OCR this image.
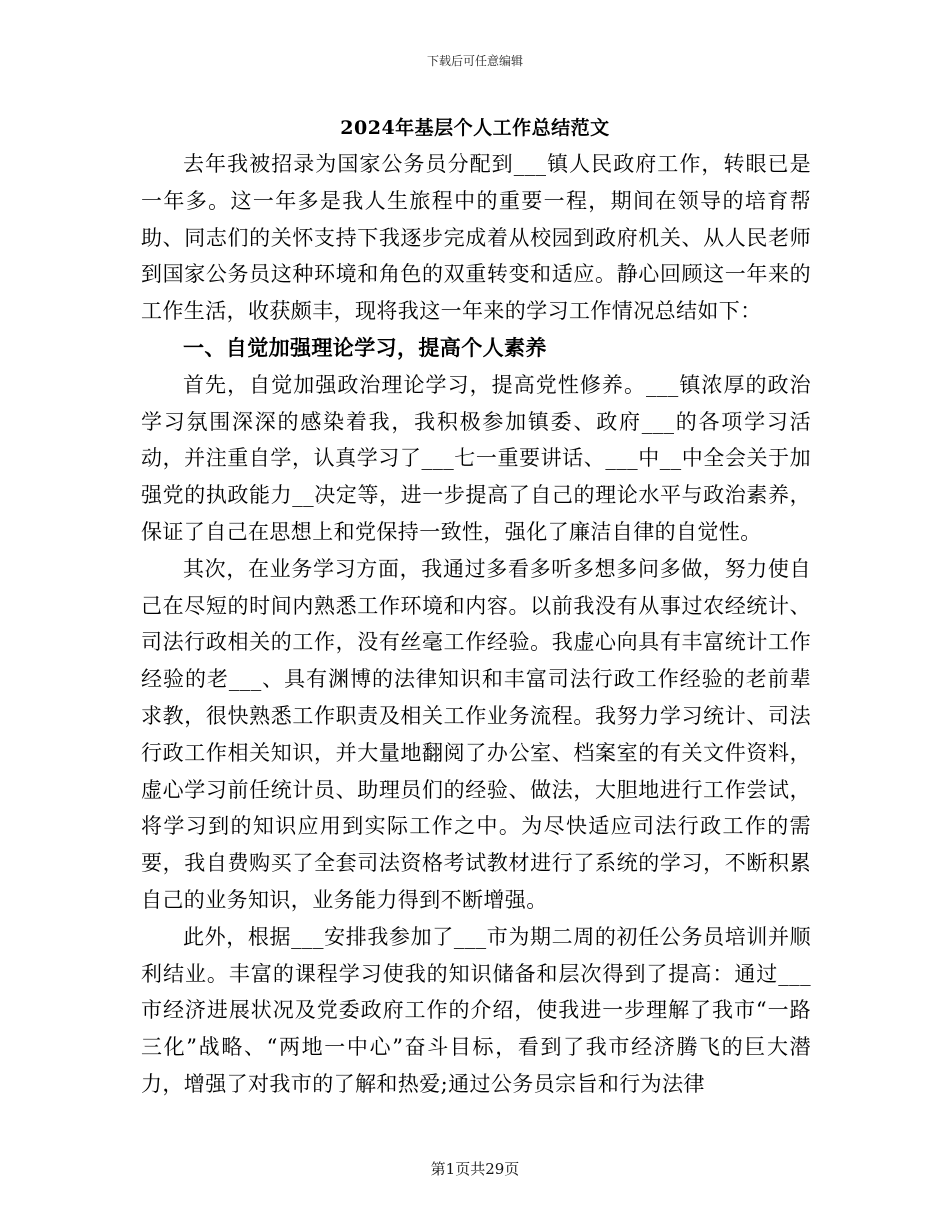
下载后可任意编辑
2024年基层个人工作总结范文

去年我被招录为国家公务员分配到___镇人民政府工作，转眼已是一年多。这一年多是我人生旅程中的重要一程，期间在领导的培育帮助、同志们的关怀支持下我逐步完成着从校园到政府机关、从人民老师到国家公务员这种环境和角色的双重转变和适应。静心回顾这一年来的工作生活，收获颇丰，现将我这一年来的学习工作情况总结如下：

一、自觉加强理论学习，提高个人素养

首先，自觉加强政治理论学习，提高党性修养。___镇浓厚的政治学习氛围深深的感染着我，我积极参加镇委、政府___的各项学习活动，并注重自学，认真学习了___七一重要讲话、___中__中全会关于加强党的执政能力__决定等，进一步提高了自己的理论水平与政治素养，保证了自己在思想上和党保持一致性，强化了廉洁自律的自觉性。

其次，在业务学习方面，我通过多看多听多想多问多做，努力使自己在尽短的时间内熟悉工作环境和内容。以前我没有从事过农经统计、司法行政相关的工作，没有丝毫工作经验。我虚心向具有丰富统计工作经验的老___、具有渊博的法律知识和丰富司法行政工作经验的老前辈求教，很快熟悉工作职责及相关工作业务流程。我努力学习统计、司法行政工作相关知识，并大量地翻阅了办公室、档案室的有关文件资料，虚心学习前任统计员、助理员们的经验、做法，大胆地进行工作尝试，将学习到的知识应用到实际工作之中。为尽快适应司法行政工作的需要，我自费购买了全套司法资格考试教材进行了系统的学习，不断积累自己的业务知识，业务能力得到不断增强。

此外，根据___安排我参加了___市为期二周的初任公务员培训并顺利结业。丰富的课程学习使我的知识储备和层次得到了提高：通过___市经济进展状况及党委政府工作的介绍，使我进一步理解了我市“一路三化”战略、“两地一中心”奋斗目标，看到了我市经济腾飞的巨大潜力，增强了对我市的了解和热爱;通过公务员宗旨和行为法律

第1页共29页
